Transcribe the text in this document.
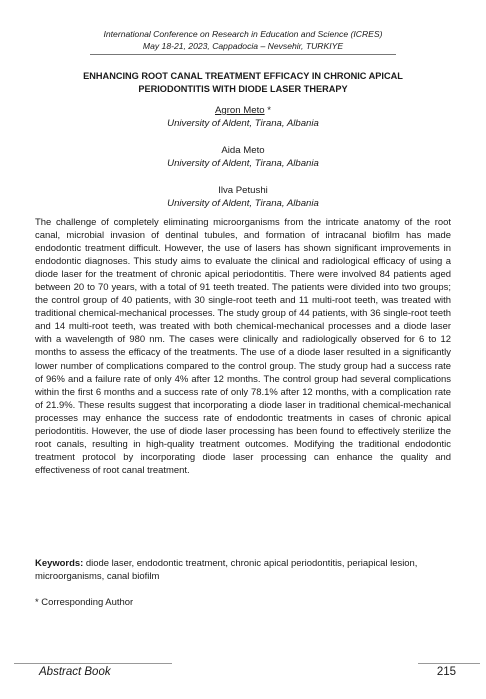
International Conference on Research in Education and Science (ICRES)
May 18-21, 2023, Cappadocia – Nevsehir, TURKIYE
ENHANCING ROOT CANAL TREATMENT EFFICACY IN CHRONIC APICAL
PERIODONTITIS WITH DIODE LASER THERAPY
Agron Meto *
University of Aldent, Tirana, Albania
Aida Meto
University of Aldent, Tirana, Albania
Ilva Petushi
University of Aldent, Tirana, Albania
The challenge of completely eliminating microorganisms from the intricate anatomy of the root canal, microbial invasion of dentinal tubules, and formation of intracanal biofilm has made endodontic treatment difficult. However, the use of lasers has shown significant improvements in endodontic diagnoses. This study aims to evaluate the clinical and radiological efficacy of using a diode laser for the treatment of chronic apical periodontitis. There were involved 84 patients aged between 20 to 70 years, with a total of 91 teeth treated. The patients were divided into two groups; the control group of 40 patients, with 30 single-root teeth and 11 multi-root teeth, was treated with traditional chemical-mechanical processes. The study group of 44 patients, with 36 single-root teeth and 14 multi-root teeth, was treated with both chemical-mechanical processes and a diode laser with a wavelength of 980 nm. The cases were clinically and radiologically observed for 6 to 12 months to assess the efficacy of the treatments. The use of a diode laser resulted in a significantly lower number of complications compared to the control group. The study group had a success rate of 96% and a failure rate of only 4% after 12 months. The control group had several complications within the first 6 months and a success rate of only 78.1% after 12 months, with a complication rate of 21.9%. These results suggest that incorporating a diode laser in traditional chemical-mechanical processes may enhance the success rate of endodontic treatments in cases of chronic apical periodontitis. However, the use of diode laser processing has been found to effectively sterilize the root canals, resulting in high-quality treatment outcomes. Modifying the traditional endodontic treatment protocol by incorporating diode laser processing can enhance the quality and effectiveness of root canal treatment.
Keywords: diode laser, endodontic treatment, chronic apical periodontitis, periapical lesion, microorganisms, canal biofilm
* Corresponding Author
Abstract Book	215
